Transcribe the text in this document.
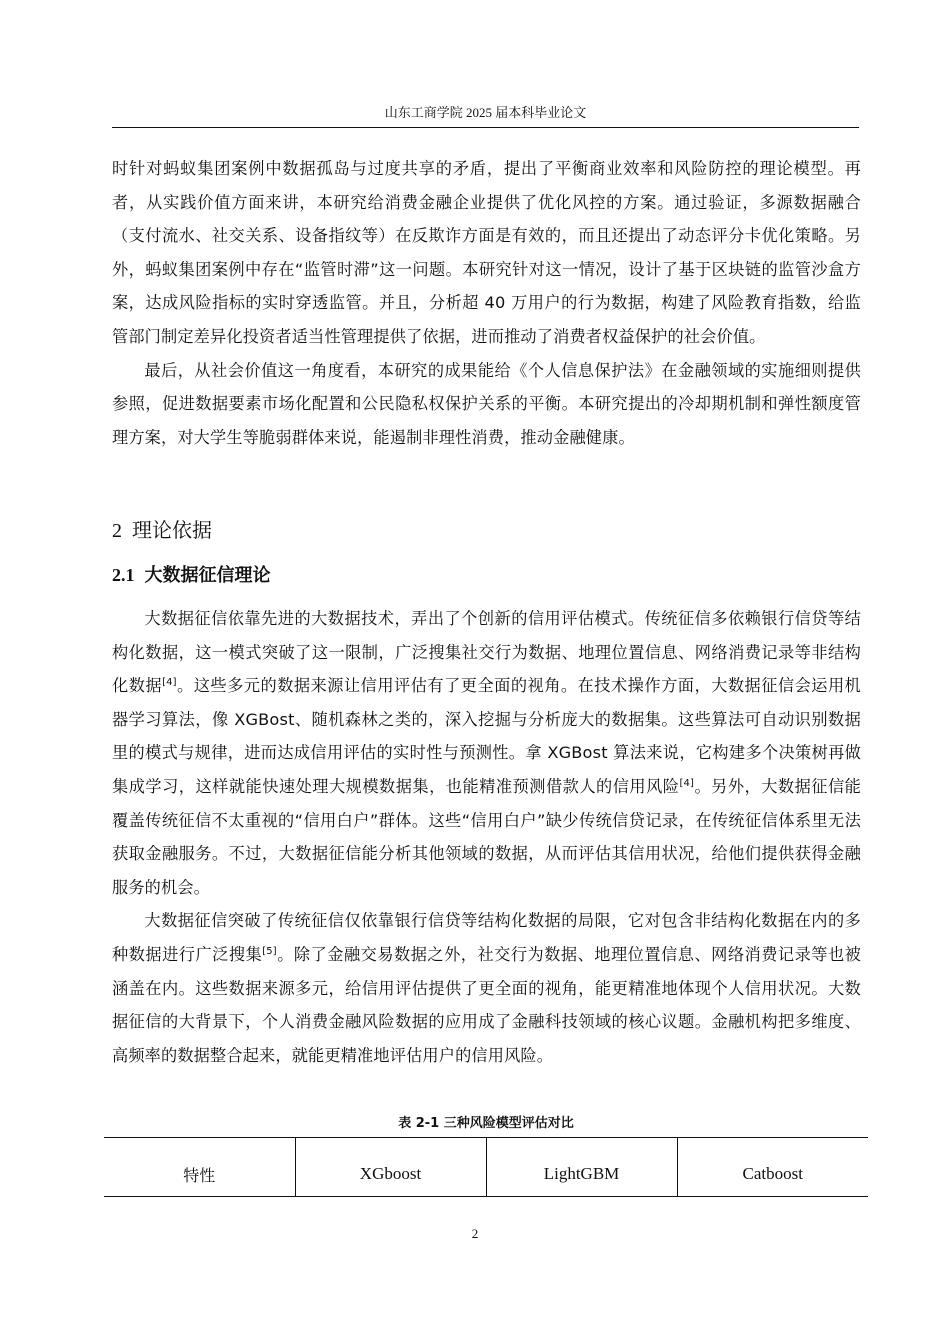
山东工商学院 2025 届本科毕业论文

时针对蚂蚁集团案例中数据孤岛与过度共享的矛盾，提出了平衡商业效率和风险防控的理论模型。再者，从实践价值方面来讲，本研究给消费金融企业提供了优化风控的方案。通过验证，多源数据融合（支付流水、社交关系、设备指纹等）在反欺诈方面是有效的，而且还提出了动态评分卡优化策略。另外，蚂蚁集团案例中存在“监管时滞”这一问题。本研究针对这一情况，设计了基于区块链的监管沙盒方案，达成风险指标的实时穿透监管。并且，分析超 40 万用户的行为数据，构建了风险教育指数，给监管部门制定差异化投资者适当性管理提供了依据，进而推动了消费者权益保护的社会价值。

最后，从社会价值这一角度看，本研究的成果能给《个人信息保护法》在金融领域的实施细则提供参照，促进数据要素市场化配置和公民隐私权保护关系的平衡。本研究提出的冷却期机制和弹性额度管理方案，对大学生等脆弱群体来说，能遏制非理性消费，推动金融健康。

2 理论依据
2.1 大数据征信理论

大数据征信依靠先进的大数据技术，弄出了个创新的信用评估模式。传统征信多依赖银行信贷等结构化数据，这一模式突破了这一限制，广泛搜集社交行为数据、地理位置信息、网络消费记录等非结构化数据[4]。这些多元的数据来源让信用评估有了更全面的视角。在技术操作方面，大数据征信会运用机器学习算法，像 XGBost、随机森林之类的，深入挖掘与分析庞大的数据集。这些算法可自动识别数据里的模式与规律，进而达成信用评估的实时性与预测性。拿 XGBost 算法来说，它构建多个决策树再做集成学习，这样就能快速处理大规模数据集，也能精准预测借款人的信用风险[4]。另外，大数据征信能覆盖传统征信不太重视的“信用白户”群体。这些“信用白户”缺少传统信贷记录，在传统征信体系里无法获取金融服务。不过，大数据征信能分析其他领域的数据，从而评估其信用状况，给他们提供获得金融服务的机会。

大数据征信突破了传统征信仅依靠银行信贷等结构化数据的局限，它对包含非结构化数据在内的多种数据进行广泛搜集[5]。除了金融交易数据之外，社交行为数据、地理位置信息、网络消费记录等也被涵盖在内。这些数据来源多元，给信用评估提供了更全面的视角，能更精准地体现个人信用状况。大数据征信的大背景下，个人消费金融风险数据的应用成了金融科技领域的核心议题。金融机构把多维度、高频率的数据整合起来，就能更精准地评估用户的信用风险。

表 2-1 三种风险模型评估对比
特性	XGboost	LightGBM	Catboost
2
